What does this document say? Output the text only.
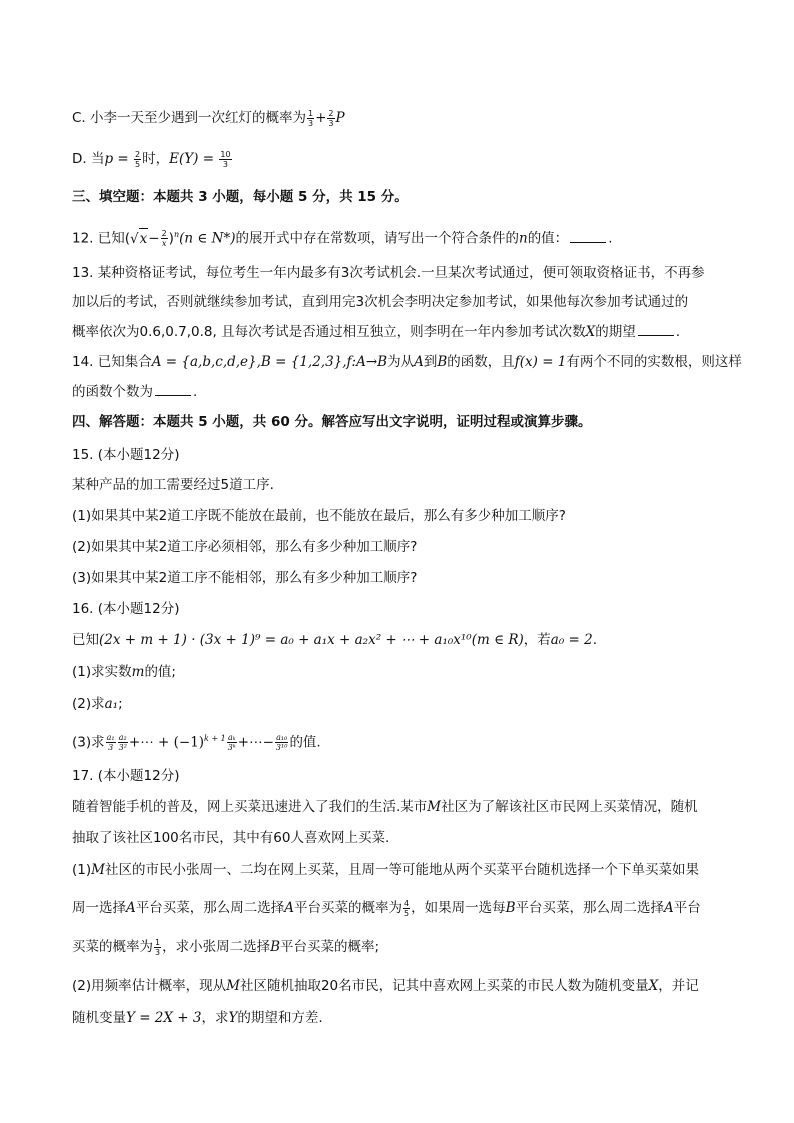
C. 小李一天至少遇到一次红灯的概率为 $\frac{1}{3} + \frac{2}{3}$ P
D. 当$p = \frac{2}{5}$ 时，$E(Y) = \frac{10}{3}$
三、填空题：本题共 3 小题，每小题 5 分，共 15 分。
12. 已知$(√x- \frac{2}{x} )^n(n$ ∈ N*)的展开式中存在常数项，请写出一个符合条件的n的值：	.
13. 某种资格证考试，每位考生一年内最多有3次考试机会.一旦某次考试通过，便可领取资格证书，不再参
加以后的考试，否则就继续参加考试，直到用完3次机会李明决定参加考试，如果他每次参加考试通过的
概率依次为0.6,0.7,0.8, 且每次考试是否通过相互独立，则李明在一年内参加考试次数X的期望	.
14. 已知集合A = {a,b,c,d,e},B = {1,2,3},f:A→B为从A到B的函数，且f(x) = 1有两个不同的实数根，则这样
的函数个数为	.
四、解答题：本题共 5 小题，共 60 分。解答应写出文字说明，证明过程或演算步骤。
15. (本小题12分)
某种产品的加工需要经过5道工序.
(1)如果其中某2道工序既不能放在最前，也不能放在最后，那么有多少种加工顺序?
(2)如果其中某2道工序必须相邻，那么有多少种加工顺序?
(3)如果其中某2道工序不能相邻，那么有多少种加工顺序?
16. (本小题12分)
已知(2x + m + 1) · (3x + 1)⁹ = a₀ + a₁x + a₂x² + ⋯ + a₁₀x¹⁰(m ∈ R)，若a₀ = 2.
(1)求实数m的值;
(2)求a₁;
(3)求 $\frac{\text{a₁}}{3} \frac{\text{a₂}}{\text{3²}}$ +⋯ + $(-1)^{k + 1} \frac{\text{aₖ}}{\text{3ᵏ}}$ +⋯− $\frac{\text{a₁₀}}{\text{3¹⁰}}$ 的值.
17. (本小题12分)
随着智能手机的普及，网上买菜迅速进入了我们的生活.某市M社区为了解该社区市民网上买菜情况，随机
抽取了该社区100名市民，其中有60人喜欢网上买菜.
(1)M社区的市民小张周一、二均在网上买菜，且周一等可能地从两个买菜平台随机选择一个下单买菜如果
周一选择A平台买菜，那么周二选择A平台买菜的概率为 $\frac{4}{5}$ ，如果周一选每B平台买菜，那么周二选择A平台
买菜的概率为 $\frac{1}{3}$ ，求小张周二选择B平台买菜的概率;
(2)用频率估计概率，现从M社区随机抽取20名市民，记其中喜欢网上买菜的市民人数为随机变量X，并记
随机变量Y = 2X + 3，求Y的期望和方差.
